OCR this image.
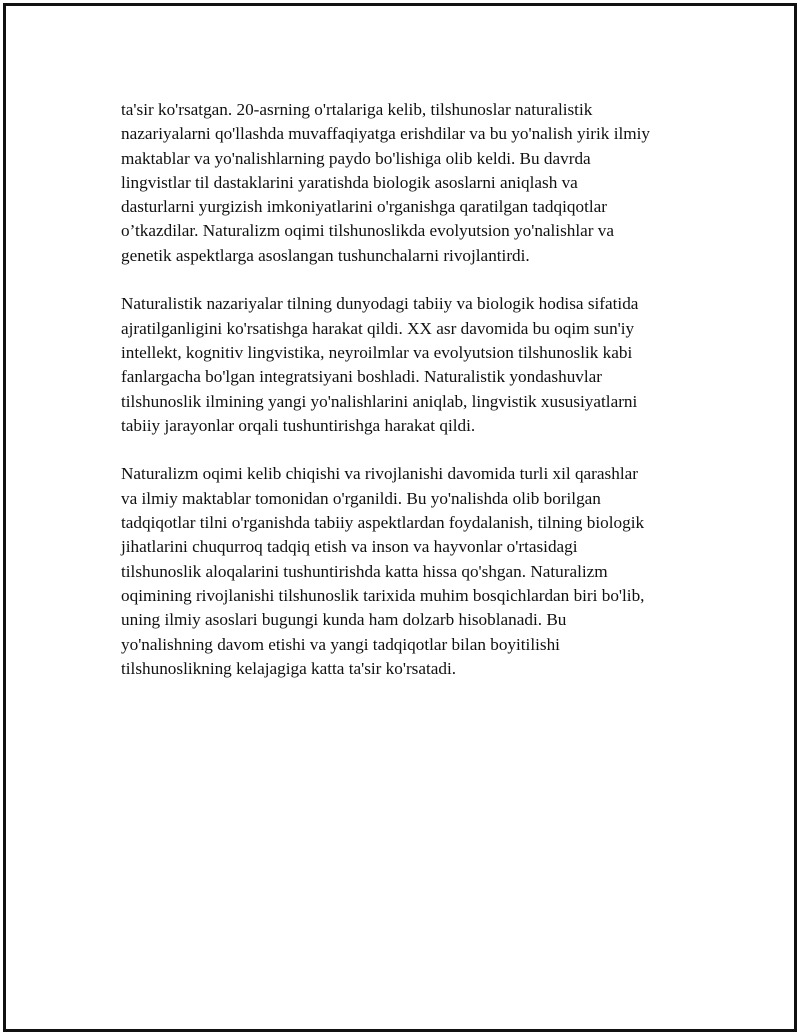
ta'sir ko'rsatgan. 20-asrning o'rtalariga kelib, tilshunoslar naturalistik
nazariyalarni qo'llashda muvaffaqiyatga erishdilar va bu yo'nalish yirik ilmiy
maktablar va yo'nalishlarning paydo bo'lishiga olib keldi. Bu davrda
lingvistlar til dastaklarini yaratishda biologik asoslarni aniqlash va
dasturlarni yurgizish imkoniyatlarini o'rganishga qaratilgan tadqiqotlar
o’tkazdilar. Naturalizm oqimi tilshunoslikda evolyutsion yo'nalishlar va
genetik aspektlarga asoslangan tushunchalarni rivojlantirdi.

Naturalistik nazariyalar tilning dunyodagi tabiiy va biologik hodisa sifatida
ajratilganligini ko'rsatishga harakat qildi. XX asr davomida bu oqim sun'iy
intellekt, kognitiv lingvistika, neyroilmlar va evolyutsion tilshunoslik kabi
fanlargacha bo'lgan integratsiyani boshladi. Naturalistik yondashuvlar
tilshunoslik ilmining yangi yo'nalishlarini aniqlab, lingvistik xususiyatlarni
tabiiy jarayonlar orqali tushuntirishga harakat qildi.

Naturalizm oqimi kelib chiqishi va rivojlanishi davomida turli xil qarashlar
va ilmiy maktablar tomonidan o'rganildi. Bu yo'nalishda olib borilgan
tadqiqotlar tilni o'rganishda tabiiy aspektlardan foydalanish, tilning biologik
jihatlarini chuqurroq tadqiq etish va inson va hayvonlar o'rtasidagi
tilshunoslik aloqalarini tushuntirishda katta hissa qo'shgan. Naturalizm
oqimining rivojlanishi tilshunoslik tarixida muhim bosqichlardan biri bo'lib,
uning ilmiy asoslari bugungi kunda ham dolzarb hisoblanadi. Bu
yo'nalishning davom etishi va yangi tadqiqotlar bilan boyitilishi
tilshunoslikning kelajagiga katta ta'sir ko'rsatadi.
